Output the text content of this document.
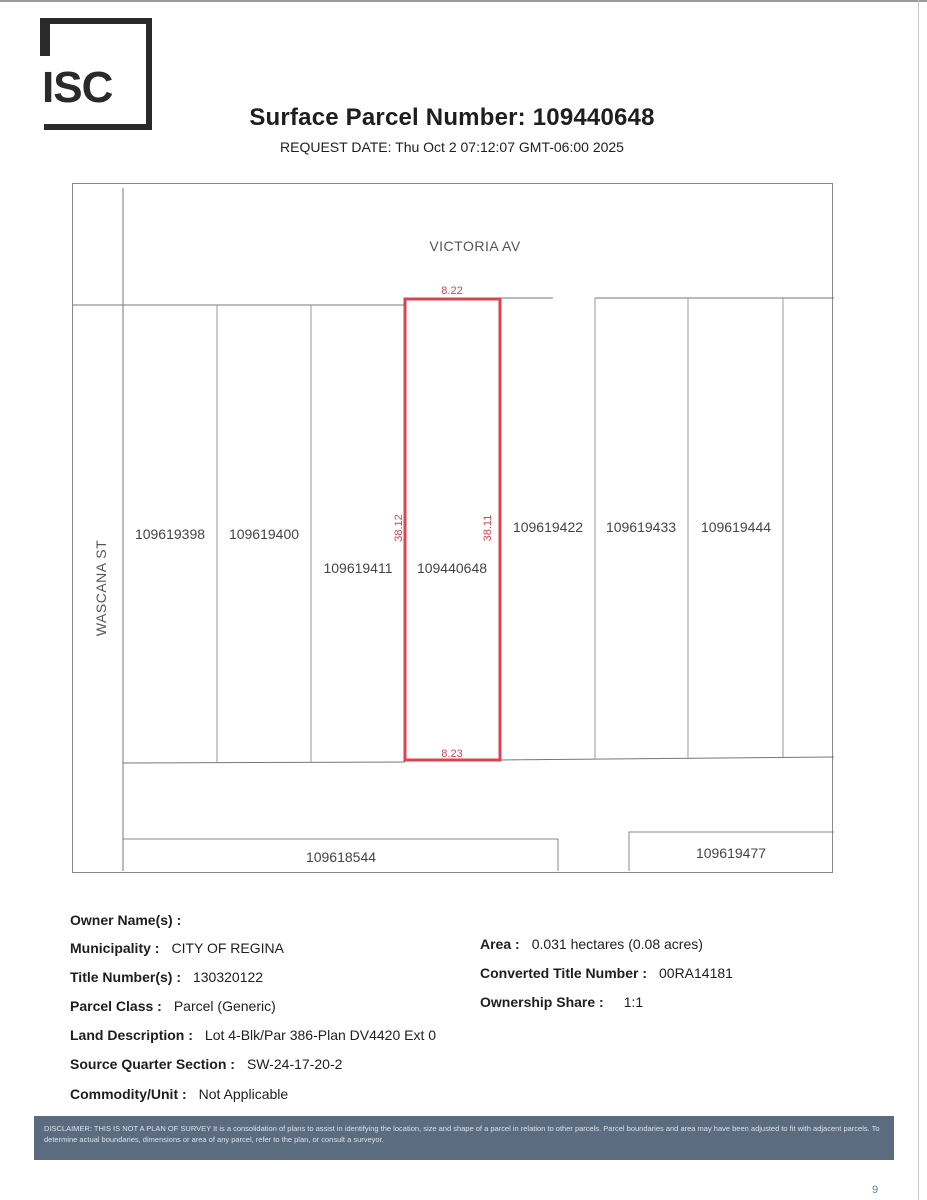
ISC
Surface Parcel Number: 109440648
REQUEST DATE: Thu Oct 2 07:12:07 GMT-06:00 2025
VICTORIA AV
WASCANA ST
8.22
8.23
38.12	38.11
109619398 109619400
109619411 109440648
109619422 109619433 109619444
109618544	109619477
Owner Name(s) :
Municipality : CITY OF REGINA
Title Number(s) : 130320122
Parcel Class : Parcel (Generic)
Land Description : Lot 4-Blk/Par 386-Plan DV4420 Ext 0
Source Quarter Section : SW-24-17-20-2
Commodity/Unit : Not Applicable
Area : 0.031 hectares (0.08 acres)
Converted Title Number : 00RA14181
Ownership Share : 1:1
DISCLAIMER: THIS IS NOT A PLAN OF SURVEY It is a consolidation of plans to assist in identifying the location, size and shape of a parcel in relation to other parcels. Parcel boundaries and area may have been adjusted to fit with adjacent parcels. To determine actual boundaries, dimensions or area of any parcel, refer to the plan, or consult a surveyor.
9
